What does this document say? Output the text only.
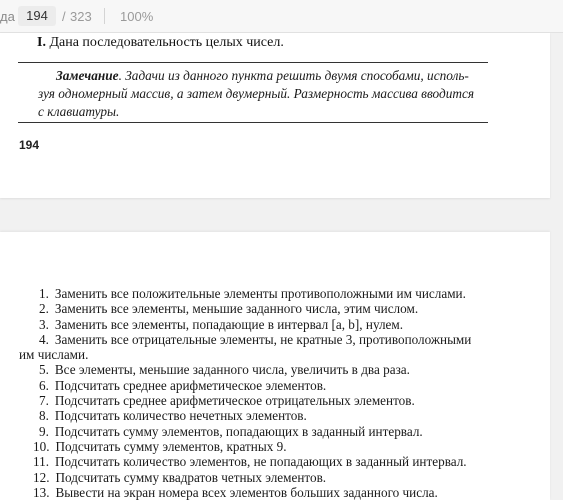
да 194	/ 323 100%
I. Дана последовательность целых чисел.
Замечание. Задачи из данного пункта решить двумя способами, исполь-
зуя одномерный массив, а затем двумерный. Размерность массива вводится
с клавиатуры.
194
1. Заменить все положительные элементы противоположными им числами.
2. Заменить все элементы, меньшие заданного числа, этим числом.
3. Заменить все элементы, попадающие в интервал [a, b], нулем.
4. Заменить все отрицательные элементы, не кратные 3, противоположными
им числами.
5. Все элементы, меньшие заданного числа, увеличить в два раза.
6. Подсчитать среднее арифметическое элементов.
7. Подсчитать среднее арифметическое отрицательных элементов.
8. Подсчитать количество нечетных элементов.
9. Подсчитать сумму элементов, попадающих в заданный интервал.
10. Подсчитать сумму элементов, кратных 9.
11. Подсчитать количество элементов, не попадающих в заданный интервал.
12. Подсчитать сумму квадратов четных элементов.
13. Вывести на экран номера всех элементов больших заданного числа.
